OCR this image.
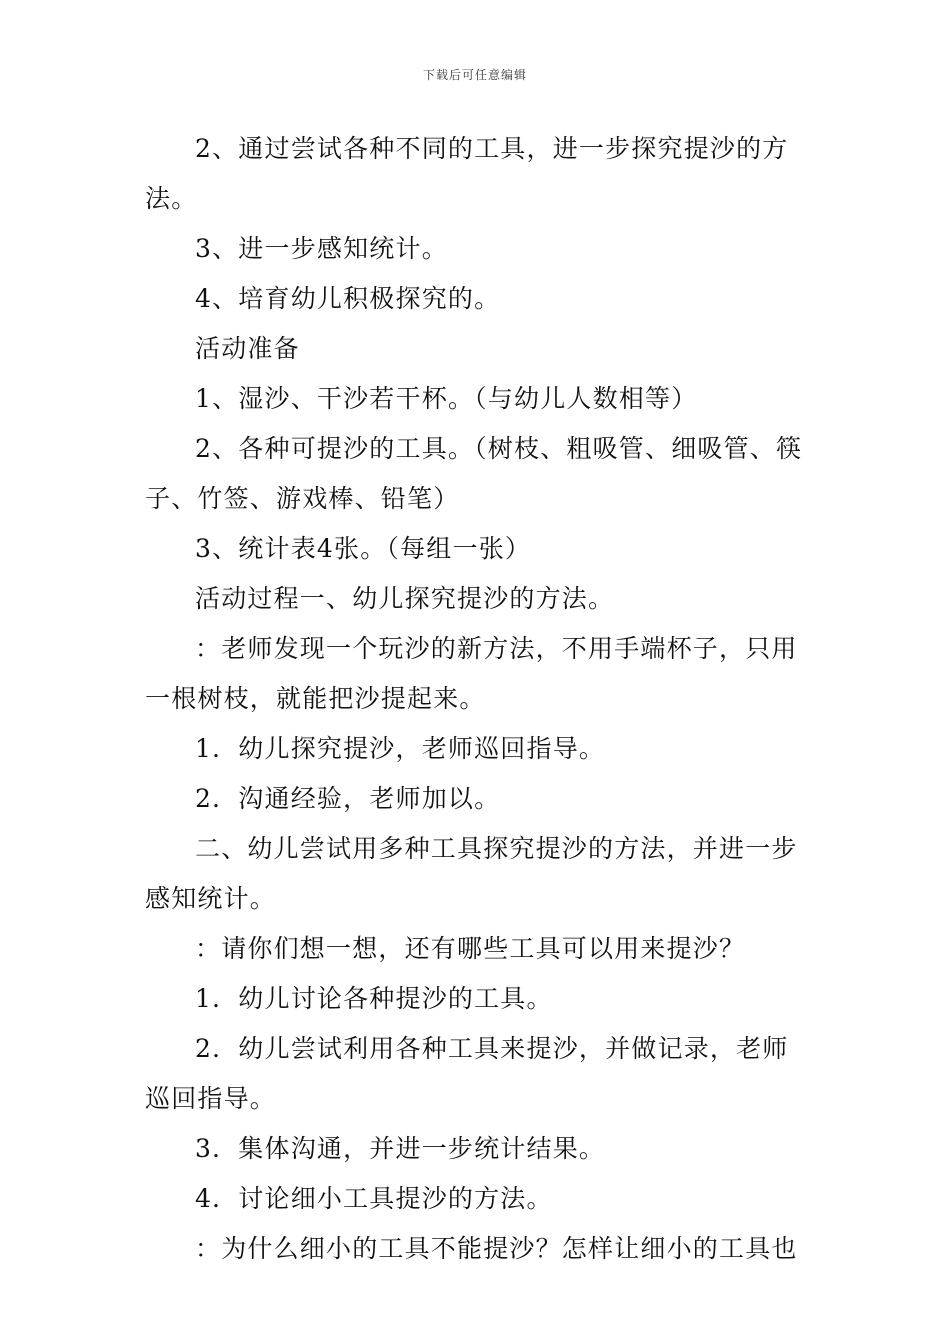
下载后可任意编辑

2、通过尝试各种不同的工具，进一步探究提沙的方法。

3、进一步感知统计。

4、培育幼儿积极探究的。

活动准备

1、湿沙、干沙若干杯。（与幼儿人数相等）

2、各种可提沙的工具。（树枝、粗吸管、细吸管、筷子、竹签、游戏棒、铅笔）

3、统计表4张。（每组一张）

活动过程一、幼儿探究提沙的方法。

：老师发现一个玩沙的新方法，不用手端杯子，只用一根树枝，就能把沙提起来。

1．幼儿探究提沙，老师巡回指导。

2．沟通经验，老师加以。

二、幼儿尝试用多种工具探究提沙的方法，并进一步感知统计。

：请你们想一想，还有哪些工具可以用来提沙？

1．幼儿讨论各种提沙的工具。

2．幼儿尝试利用各种工具来提沙，并做记录，老师巡回指导。

3．集体沟通，并进一步统计结果。

4．讨论细小工具提沙的方法。

：为什么细小的工具不能提沙？怎样让细小的工具也
